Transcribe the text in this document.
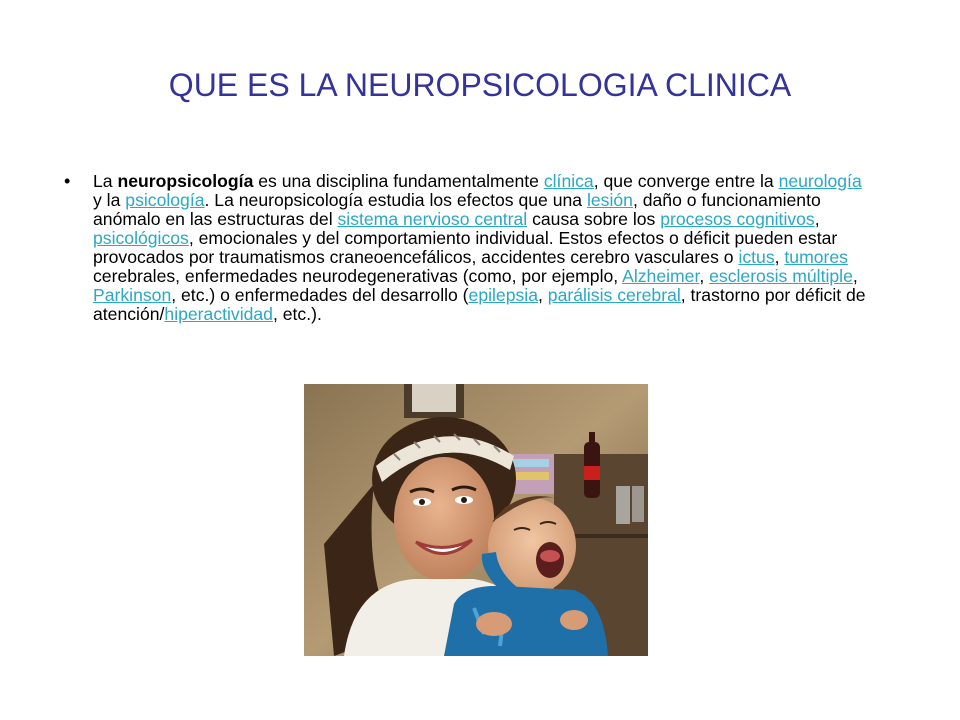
QUE ES LA NEUROPSICOLOGIA CLINICA
• La neuropsicología es una disciplina fundamentalmente clínica, que converge entre la neurología y la psicología. La neuropsicología estudia los efectos que una lesión, daño o funcionamiento anómalo en las estructuras del sistema nervioso central causa sobre los procesos cognitivos, psicológicos, emocionales y del comportamiento individual. Estos efectos o déficit pueden estar provocados por traumatismos craneoencefálicos, accidentes cerebro vasculares o ictus, tumores cerebrales, enfermedades neurodegenerativas (como, por ejemplo, Alzheimer, esclerosis múltiple, Parkinson, etc.) o enfermedades del desarrollo (epilepsia, parálisis cerebral, trastorno por déficit de atención/hiperactividad, etc.).
